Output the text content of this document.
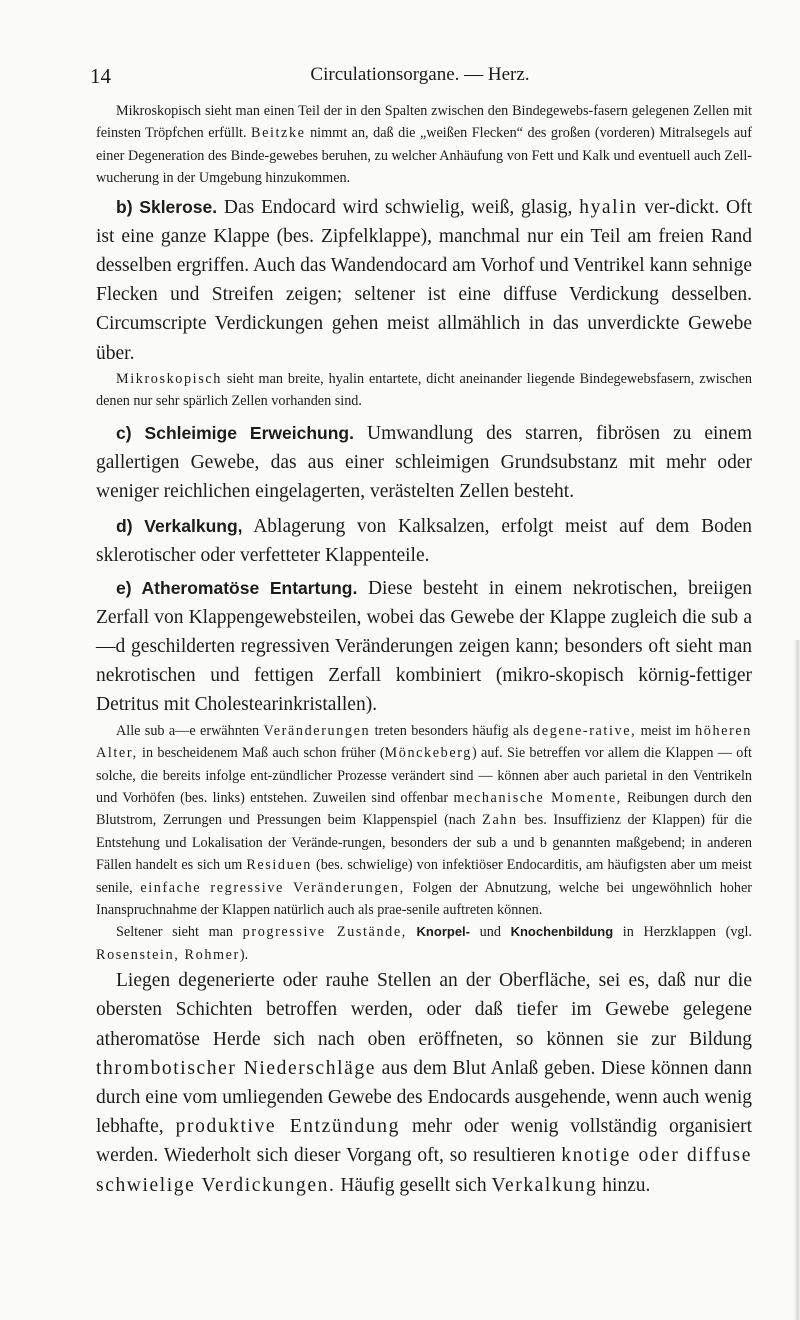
14	Circulationsorgane. — Herz.

Mikroskopisch sieht man einen Teil der in den Spalten zwischen den Bindegewebs-fasern gelegenen Zellen mit feinsten Tröpfchen erfüllt. Beitzke nimmt an, daß die „weißen Flecken“ des großen (vorderen) Mitralsegels auf einer Degeneration des Binde-gewebes beruhen, zu welcher Anhäufung von Fett und Kalk und eventuell auch Zell-wucherung in der Umgebung hinzukommen.

b) Sklerose. Das Endocard wird schwielig, weiß, glasig, hyalin ver-dickt. Oft ist eine ganze Klappe (bes. Zipfelklappe), manchmal nur ein Teil am freien Rand desselben ergriffen. Auch das Wandendocard am Vorhof und Ventrikel kann sehnige Flecken und Streifen zeigen; seltener ist eine diffuse Verdickung desselben. Circumscripte Verdickungen gehen meist allmählich in das unverdickte Gewebe über.

Mikroskopisch sieht man breite, hyalin entartete, dicht aneinander liegende Bindegewebsfasern, zwischen denen nur sehr spärlich Zellen vorhanden sind.

c) Schleimige Erweichung. Umwandlung des starren, fibrösen zu einem gallertigen Gewebe, das aus einer schleimigen Grundsubstanz mit mehr oder weniger reichlichen eingelagerten, verästelten Zellen besteht.

d) Verkalkung, Ablagerung von Kalksalzen, erfolgt meist auf dem Boden sklerotischer oder verfetteter Klappenteile.

e) Atheromatöse Entartung. Diese besteht in einem nekrotischen, breiigen Zerfall von Klappengewebsteilen, wobei das Gewebe der Klappe zugleich die sub a—d geschilderten regressiven Veränderungen zeigen kann; besonders oft sieht man nekrotischen und fettigen Zerfall kombiniert (mikro-skopisch körnig-fettiger Detritus mit Cholestearinkristallen).

Alle sub a—e erwähnten Veränderungen treten besonders häufig als degene-rative, meist im höheren Alter, in bescheidenem Maß auch schon früher (Mönckeberg) auf. Sie betreffen vor allem die Klappen — oft solche, die bereits infolge ent-zündlicher Prozesse verändert sind — können aber auch parietal in den Ventrikeln und Vorhöfen (bes. links) entstehen. Zuweilen sind offenbar mechanische Momente, Reibungen durch den Blutstrom, Zerrungen und Pressungen beim Klappenspiel (nach Zahn bes. Insuffizienz der Klappen) für die Entstehung und Lokalisation der Verände-rungen, besonders der sub a und b genannten maßgebend; in anderen Fällen handelt es sich um Residuen (bes. schwielige) von infektiöser Endocarditis, am häufigsten aber um meist senile, einfache regressive Veränderungen, Folgen der Abnutzung, welche bei ungewöhnlich hoher Inanspruchnahme der Klappen natürlich auch als prae-senile auftreten können.

Seltener sieht man progressive Zustände, Knorpel- und Knochenbildung in Herzklappen (vgl. Rosenstein, Rohmer).

Liegen degenerierte oder rauhe Stellen an der Oberfläche, sei es, daß nur die obersten Schichten betroffen werden, oder daß tiefer im Gewebe gelegene atheromatöse Herde sich nach oben eröffneten, so können sie zur Bildung thrombotischer Niederschläge aus dem Blut Anlaß geben. Diese können dann durch eine vom umliegenden Gewebe des Endocards ausgehende, wenn auch wenig lebhafte, produktive Entzündung mehr oder wenig vollständig organisiert werden. Wiederholt sich dieser Vorgang oft, so resultieren knotige oder diffuse schwielige Verdickungen. Häufig gesellt sich Verkalkung hinzu.
